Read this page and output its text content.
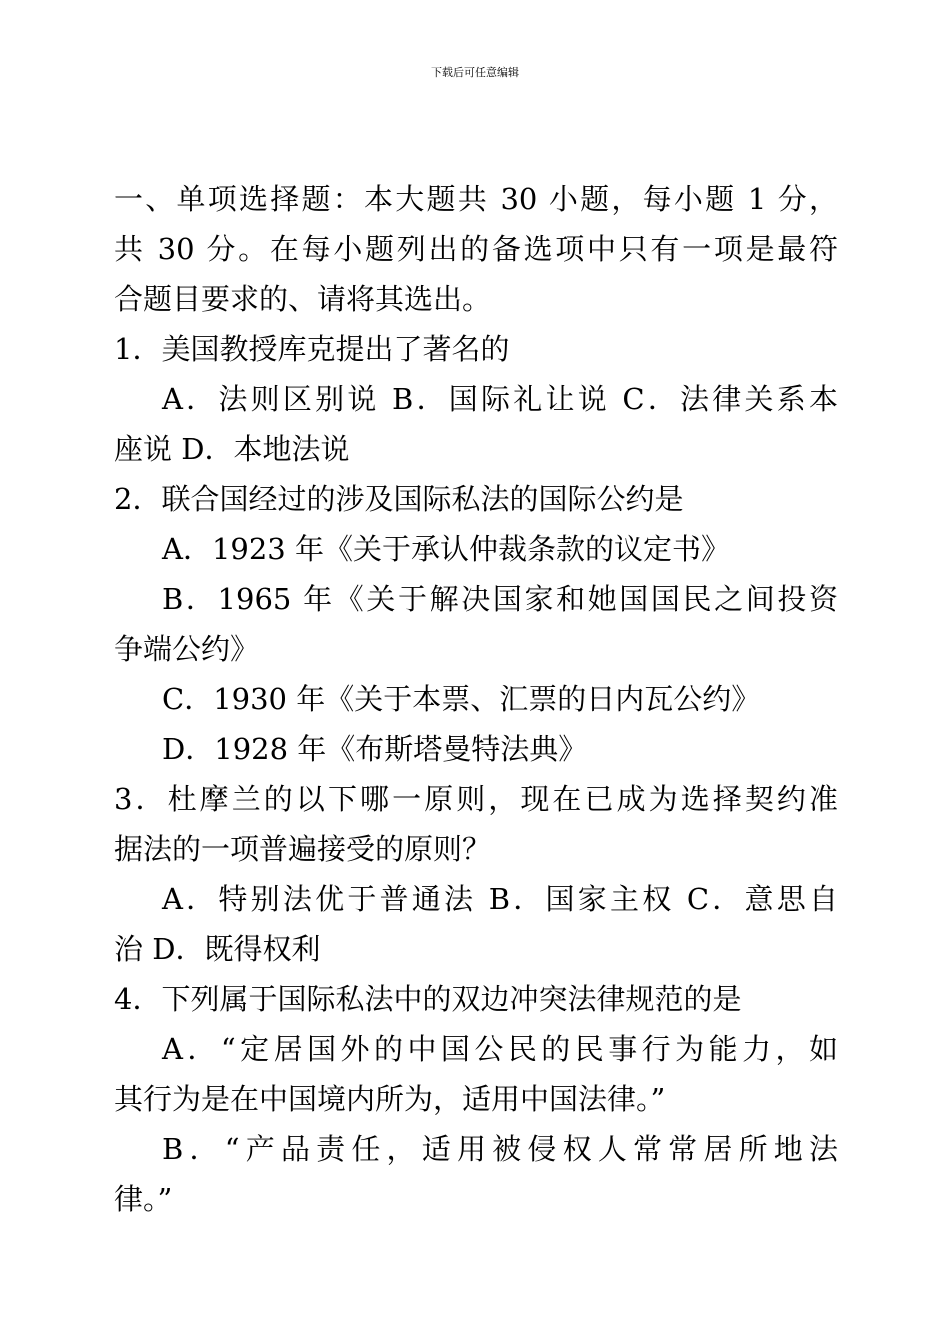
下载后可任意编辑
一、单项选择题：本大题共 30 小题，每小题 1 分，
共 30 分。在每小题列出的备选项中只有一项是最符
合题目要求的、请将其选出。
1．美国教授库克提出了著名的
A．法则区别说 B．国际礼让说 C．法律关系本
座说 D．本地法说
2．联合国经过的涉及国际私法的国际公约是
A．1923 年《关于承认仲裁条款的议定书》
B．1965 年《关于解决国家和她国国民之间投资
争端公约》
C．1930 年《关于本票、汇票的日内瓦公约》
D．1928 年《布斯塔曼特法典》
3．杜摩兰的以下哪一原则，现在已成为选择契约准
据法的一项普遍接受的原则？
A．特别法优于普通法 B．国家主权 C．意思自
治 D．既得权利
4．下列属于国际私法中的双边冲突法律规范的是
A．“定居国外的中国公民的民事行为能力，如
其行为是在中国境内所为，适用中国法律。”
B．“产品责任，适用被侵权人常常居所地法
律。”
